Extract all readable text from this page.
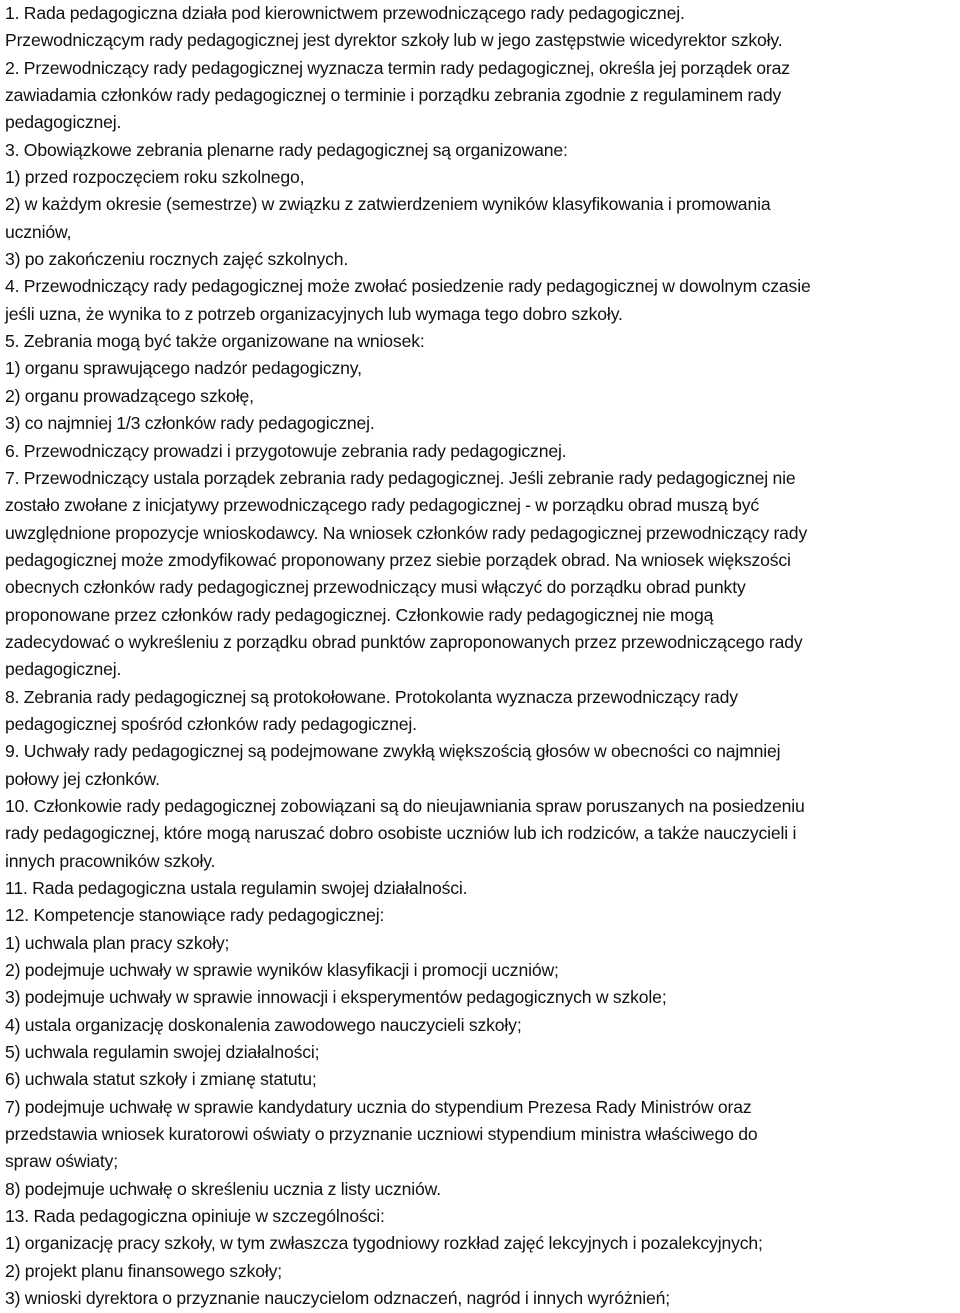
1. Rada pedagogiczna działa pod kierownictwem przewodniczącego rady pedagogicznej.
Przewodniczącym rady pedagogicznej jest dyrektor szkoły lub w jego zastępstwie wicedyrektor szkoły.
2. Przewodniczący rady pedagogicznej wyznacza termin rady pedagogicznej, określa jej porządek oraz
zawiadamia członków rady pedagogicznej o terminie i porządku zebrania zgodnie z regulaminem rady
pedagogicznej.
3. Obowiązkowe zebrania plenarne rady pedagogicznej są organizowane:
1) przed rozpoczęciem roku szkolnego,
2) w każdym okresie (semestrze) w związku z zatwierdzeniem wyników klasyfikowania i promowania
uczniów,
3) po zakończeniu rocznych zajęć szkolnych.
4. Przewodniczący rady pedagogicznej może zwołać posiedzenie rady pedagogicznej w dowolnym czasie
jeśli uzna, że wynika to z potrzeb organizacyjnych lub wymaga tego dobro szkoły.
5. Zebrania mogą być także organizowane na wniosek:
1) organu sprawującego nadzór pedagogiczny,
2) organu prowadzącego szkołę,
3) co najmniej 1/3 członków rady pedagogicznej.
6. Przewodniczący prowadzi i przygotowuje zebrania rady pedagogicznej.
7. Przewodniczący ustala porządek zebrania rady pedagogicznej. Jeśli zebranie rady pedagogicznej nie
zostało zwołane z inicjatywy przewodniczącego rady pedagogicznej - w porządku obrad muszą być
uwzględnione propozycje wnioskodawcy. Na wniosek członków rady pedagogicznej przewodniczący rady
pedagogicznej może zmodyfikować proponowany przez siebie porządek obrad. Na wniosek większości
obecnych członków rady pedagogicznej przewodniczący musi włączyć do porządku obrad punkty
proponowane przez członków rady pedagogicznej. Członkowie rady pedagogicznej nie mogą
zadecydować o wykreśleniu z porządku obrad punktów zaproponowanych przez przewodniczącego rady
pedagogicznej.
8. Zebrania rady pedagogicznej są protokołowane. Protokolanta wyznacza przewodniczący rady
pedagogicznej spośród członków rady pedagogicznej.
9. Uchwały rady pedagogicznej są podejmowane zwykłą większością głosów w obecności co najmniej
połowy jej członków.
10. Członkowie rady pedagogicznej zobowiązani są do nieujawniania spraw poruszanych na posiedzeniu
rady pedagogicznej, które mogą naruszać dobro osobiste uczniów lub ich rodziców, a także nauczycieli i
innych pracowników szkoły.
11. Rada pedagogiczna ustala regulamin swojej działalności.
12. Kompetencje stanowiące rady pedagogicznej:
1) uchwala plan pracy szkoły;
2) podejmuje uchwały w sprawie wyników klasyfikacji i promocji uczniów;
3) podejmuje uchwały w sprawie innowacji i eksperymentów pedagogicznych w szkole;
4) ustala organizację doskonalenia zawodowego nauczycieli szkoły;
5) uchwala regulamin swojej działalności;
6) uchwala statut szkoły i zmianę statutu;
7) podejmuje uchwałę w sprawie kandydatury ucznia do stypendium Prezesa Rady Ministrów oraz
przedstawia wniosek kuratorowi oświaty o przyznanie uczniowi stypendium ministra właściwego do
spraw oświaty;
8) podejmuje uchwałę o skreśleniu ucznia z listy uczniów.
13. Rada pedagogiczna opiniuje w szczególności:
1) organizację pracy szkoły, w tym zwłaszcza tygodniowy rozkład zajęć lekcyjnych i pozalekcyjnych;
2) projekt planu finansowego szkoły;
3) wnioski dyrektora o przyznanie nauczycielom odznaczeń, nagród i innych wyróżnień;
